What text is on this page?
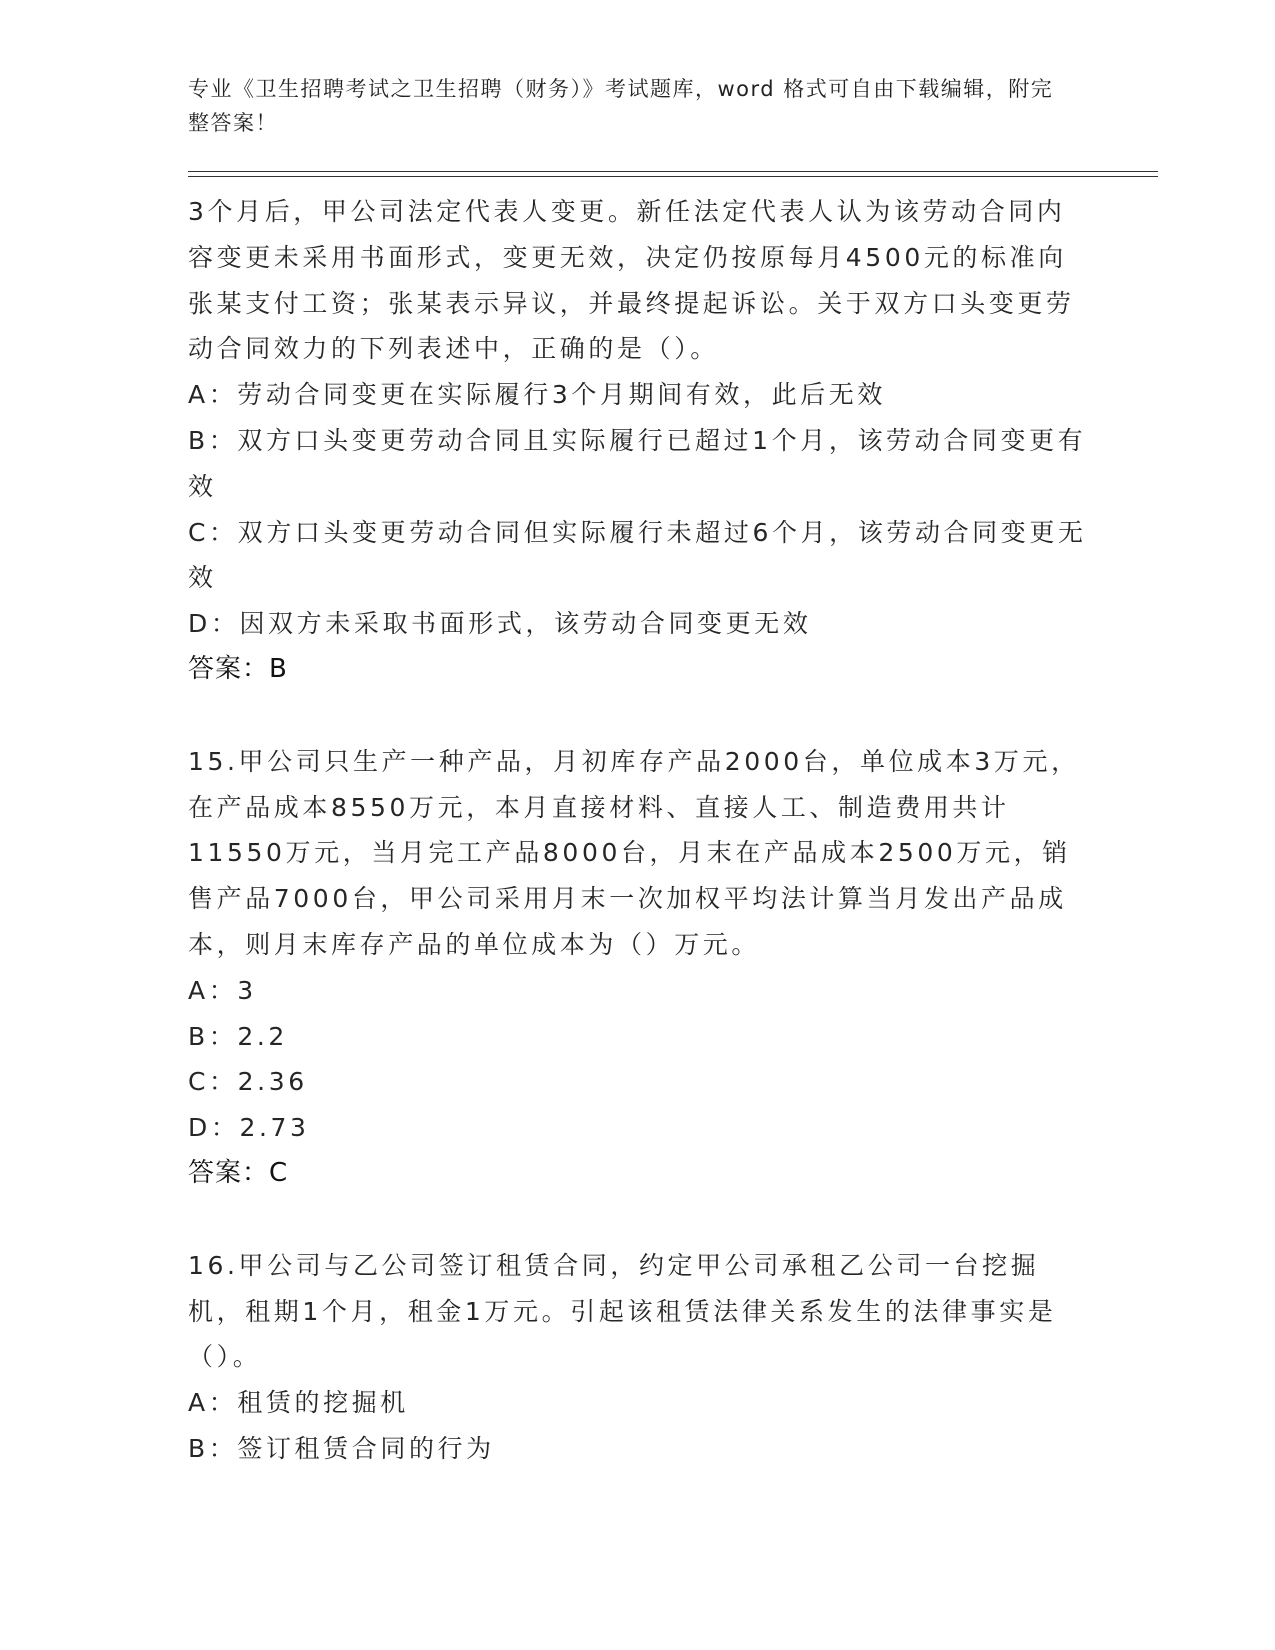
专业《卫生招聘考试之卫生招聘（财务）》考试题库，word 格式可自由下载编辑，附完整答案！

3个月后，甲公司法定代表人变更。新任法定代表人认为该劳动合同内容变更未采用书面形式，变更无效，决定仍按原每月4500元的标准向张某支付工资；张某表示异议，并最终提起诉讼。关于双方口头变更劳动合同效力的下列表述中，正确的是（）。

A：劳动合同变更在实际履行3个月期间有效，此后无效

B：双方口头变更劳动合同且实际履行已超过1个月，该劳动合同变更有效

C：双方口头变更劳动合同但实际履行未超过6个月，该劳动合同变更无效

D：因双方未采取书面形式，该劳动合同变更无效

答案：B

15.甲公司只生产一种产品，月初库存产品2000台，单位成本3万元，在产品成本8550万元，本月直接材料、直接人工、制造费用共计11550万元，当月完工产品8000台，月末在产品成本2500万元，销售产品7000台，甲公司采用月末一次加权平均法计算当月发出产品成本，则月末库存产品的单位成本为（）万元。

A：3

B：2.2

C：2.36

D：2.73

答案：C

16.甲公司与乙公司签订租赁合同，约定甲公司承租乙公司一台挖掘机，租期1个月，租金1万元。引起该租赁法律关系发生的法律事实是（）。

A：租赁的挖掘机

B：签订租赁合同的行为
